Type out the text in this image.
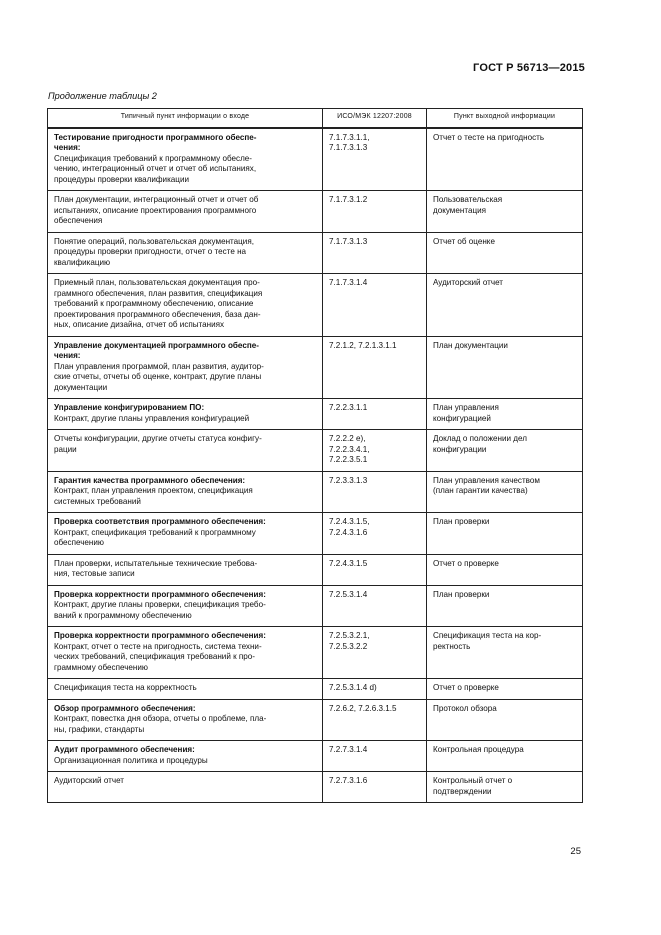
ГОСТ Р 56713—2015
Продолжение таблицы 2
Типичный пункт информации о входе	ИСО/МЭК 12207:2008	Пункт выходной информации

Тестирование пригодности программного обеспе-
чения:
Спецификация требований к программному обесле-
чению, интеграционный отчет и отчет об испытаниях,
процедуры проверки квалификации	7.1.7.3.1.1,
7.1.7.3.1.3	Отчет о тесте на пригодность

План документации, интеграционный отчет и отчет об
испытаниях, описание проектирования программного
обеспечения	7.1.7.3.1.2	Пользовательская
документация

Понятие операций, пользовательская документация,
процедуры проверки пригодности, отчет о тесте на
квалификацию	7.1.7.3.1.3	Отчет об оценке

Приемный план, пользовательская документация про-
граммного обеспечения, план развития, спецификация
требований к программному обеспечению, описание
проектирования программного обеспечения, база дан-
ных, описание дизайна, отчет об испытаниях	7.1.7.3.1.4	Аудиторский отчет

Управление документацией программного обеспе-
чения:
План управления программой, план развития, аудитор-
ские отчеты, отчеты об оценке, контракт, другие планы
документации	7.2.1.2, 7.2.1.3.1.1	План документации

Управление конфигурированием ПО:
Контракт, другие планы управления конфигурацией	7.2.2.3.1.1	План управления
конфигурацией

Отчеты конфигурации, другие отчеты статуса конфигу-
рации	7.2.2.2 e),
7.2.2.3.4.1,
7.2.2.3.5.1	Доклад о положении дел
конфигурации

Гарантия качества программного обеспечения:
Контракт, план управления проектом, спецификация
системных требований	7.2.3.3.1.3	План управления качеством
(план гарантии качества)

Проверка соответствия программного обеспечения:
Контракт, спецификация требований к программному
обеспечению	7.2.4.3.1.5,
7.2.4.3.1.6	План проверки

План проверки, испытательные технические требова-
ния, тестовые записи	7.2.4.3.1.5	Отчет о проверке

Проверка корректности программного обеспечения:
Контракт, другие планы проверки, спецификация требо-
ваний к программному обеспечению	7.2.5.3.1.4	План проверки

Проверка корректности программного обеспечения:
Контракт, отчет о тесте на пригодность, система техни-
ческих требований, спецификация требований к про-
граммному обеспечению	7.2.5.3.2.1,
7.2.5.3.2.2	Спецификация теста на кор-
ректность

Спецификация теста на корректность	7.2.5.3.1.4 d)	Отчет о проверке

Обзор программного обеспечения:
Контракт, повестка дня обзора, отчеты о проблеме, пла-
ны, графики, стандарты	7.2.6.2, 7.2.6.3.1.5	Протокол обзора

Аудит программного обеспечения:
Организационная политика и процедуры	7.2.7.3.1.4	Контрольная процедура

Аудиторский отчет	7.2.7.3.1.6	Контрольный отчет о
подтверждении
25
